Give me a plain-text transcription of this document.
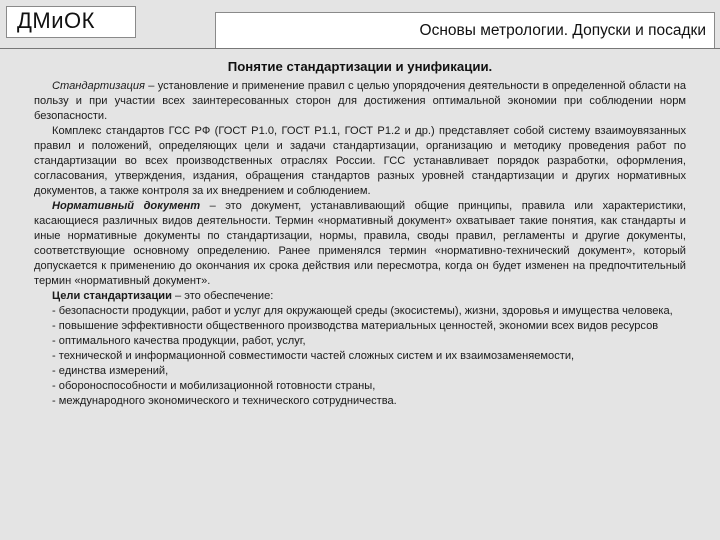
ДМиОК	Основы метрологии. Допуски и посадки
Понятие стандартизации и унификации.

Стандартизация – установление и применение правил с целью упорядочения деятельности в определенной области на пользу и при участии всех заинтересованных сторон для достижения оптимальной экономии при соблюдении норм безопасности.

Комплекс стандартов ГСС РФ (ГОСТ Р1.0, ГОСТ Р1.1, ГОСТ Р1.2 и др.) представляет собой систему взаимоувязанных правил и положений, определяющих цели и задачи стандартизации, организацию и методику проведения работ по стандартизации во всех производственных отраслях России. ГСС устанавливает порядок разработки, оформления, согласования, утверждения, издания, обращения стандартов разных уровней стандартизации и других нормативных документов, а также контроля за их внедрением и соблюдением.

Нормативный документ – это документ, устанавливающий общие принципы, правила или характеристики, касающиеся различных видов деятельности. Термин «нормативный документ» охватывает такие понятия, как стандарты и иные нормативные документы по стандартизации, нормы, правила, своды правил, регламенты и другие документы, соответствующие основному определению. Ранее применялся термин «нормативно-технический документ», который допускается к применению до окончания их срока действия или пересмотра, когда он будет изменен на предпочтительный термин «нормативный документ».

Цели стандартизации – это обеспечение:

- безопасности продукции, работ и услуг для окружающей среды (экосистемы), жизни, здоровья и имущества человека,

- повышение эффективности общественного производства материальных ценностей, экономии всех видов ресурсов

- оптимального качества продукции, работ, услуг,

- технической и информационной совместимости частей сложных систем и их взаимозаменяемости,

- единства измерений,

- обороноспособности и мобилизационной готовности страны,

- международного экономического и технического сотрудничества.
